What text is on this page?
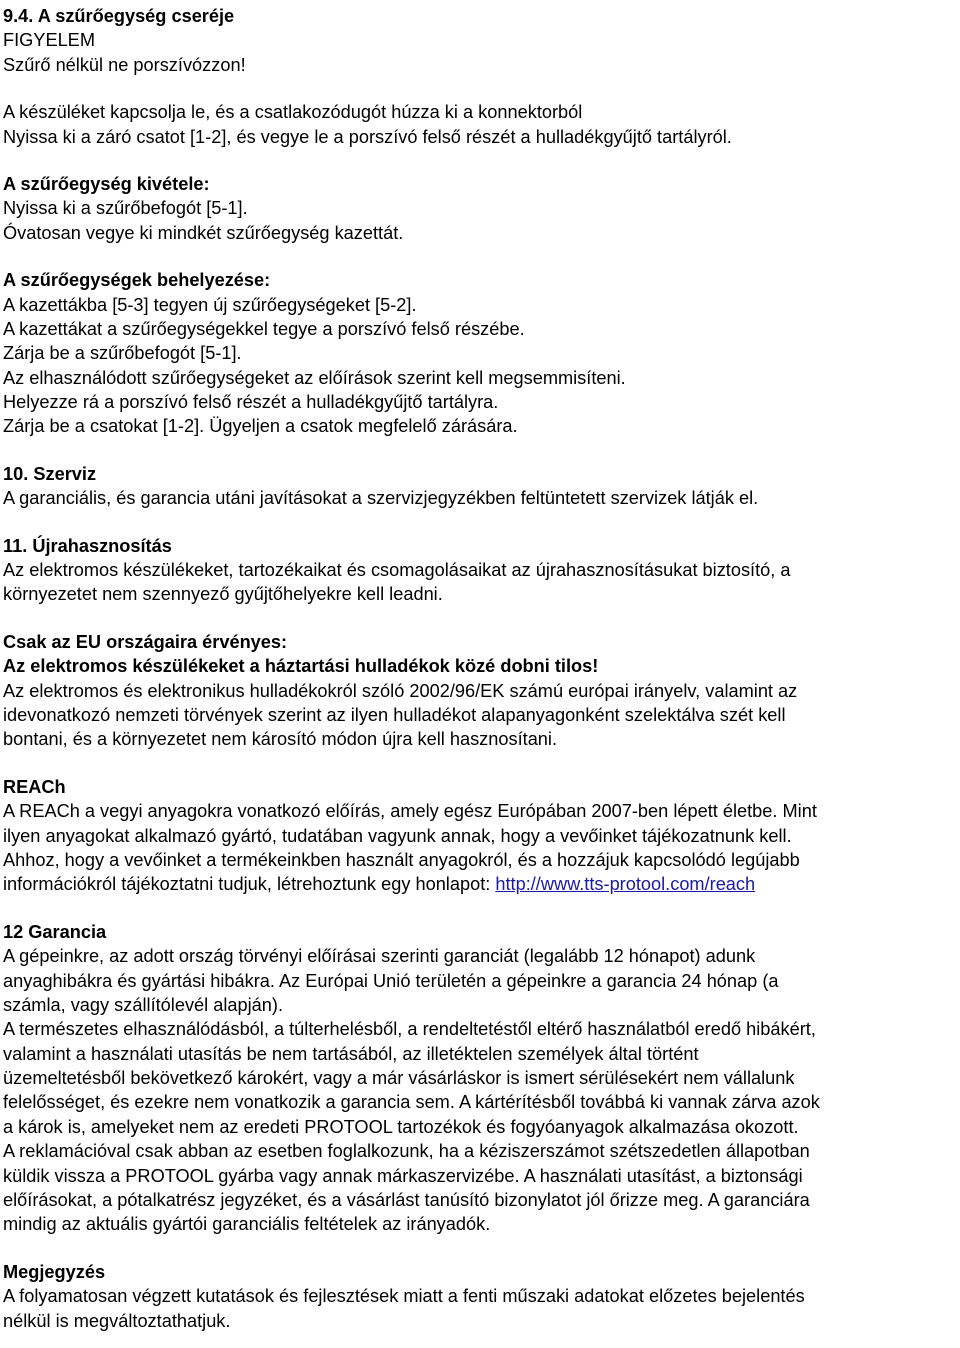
9.4. A szűrőegység cseréje
FIGYELEM
Szűrő nélkül ne porszívózzon!
A készüléket kapcsolja le, és a csatlakozódugót húzza ki a konnektorból
Nyissa ki a záró csatot [1-2], és vegye le a porszívó felső részét a hulladékgyűjtő tartályról.
A szűrőegység kivétele:
Nyissa ki a szűrőbefogót [5-1].
Óvatosan vegye ki mindkét szűrőegység kazettát.
A szűrőegységek behelyezése:
A kazettákba [5-3] tegyen új szűrőegységeket [5-2].
A kazettákat a szűrőegységekkel tegye a porszívó felső részébe.
Zárja be a szűrőbefogót [5-1].
Az elhasználódott szűrőegységeket az előírások szerint kell megsemmisíteni.
Helyezze rá a porszívó felső részét a hulladékgyűjtő tartályra.
Zárja be a csatokat [1-2]. Ügyeljen a csatok megfelelő zárására.
10. Szerviz
A garanciális, és garancia utáni javításokat a szervizjegyzékben feltüntetett szervizek látják el.
11. Újrahasznosítás
Az elektromos készülékeket, tartozékaikat és csomagolásaikat az újrahasznosításukat biztosító, a
környezetet nem szennyező gyűjtőhelyekre kell leadni.
Csak az EU országaira érvényes:
Az elektromos készülékeket a háztartási hulladékok közé dobni tilos!
Az elektromos és elektronikus hulladékokról szóló 2002/96/EK számú európai irányelv, valamint az
idevonatkozó nemzeti törvények szerint az ilyen hulladékot alapanyagonként szelektálva szét kell
bontani, és a környezetet nem károsító módon újra kell hasznosítani.
REACh
A REACh a vegyi anyagokra vonatkozó előírás, amely egész Európában 2007-ben lépett életbe. Mint
ilyen anyagokat alkalmazó gyártó, tudatában vagyunk annak, hogy a vevőinket tájékozatnunk kell.
Ahhoz, hogy a vevőinket a termékeinkben használt anyagokról, és a hozzájuk kapcsolódó legújabb
információkról tájékoztatni tudjuk, létrehoztunk egy honlapot: http://www.tts-protool.com/reach
12 Garancia
A gépeinkre, az adott ország törvényi előírásai szerinti garanciát (legalább 12 hónapot) adunk
anyaghibákra és gyártási hibákra. Az Európai Unió területén a gépeinkre a garancia 24 hónap (a
számla, vagy szállítólevél alapján).
A természetes elhasználódásból, a túlterhelésből, a rendeltetéstől eltérő használatból eredő hibákért,
valamint a használati utasítás be nem tartásából, az illetéktelen személyek által történt
üzemeltetésből bekövetkező károkért, vagy a már vásárláskor is ismert sérülésekért nem vállalunk
felelősséget, és ezekre nem vonatkozik a garancia sem. A kártérítésből továbbá ki vannak zárva azok
a károk is, amelyeket nem az eredeti PROTOOL tartozékok és fogyóanyagok alkalmazása okozott.
A reklamációval csak abban az esetben foglalkozunk, ha a kéziszerszámot szétszedetlen állapotban
küldik vissza a PROTOOL gyárba vagy annak márkaszervizébe. A használati utasítást, a biztonsági
előírásokat, a pótalkatrész jegyzéket, és a vásárlást tanúsító bizonylatot jól őrizze meg. A garanciára
mindig az aktuális gyártói garanciális feltételek az irányadók.
Megjegyzés
A folyamatosan végzett kutatások és fejlesztések miatt a fenti műszaki adatokat előzetes bejelentés
nélkül is megváltoztathatjuk.
